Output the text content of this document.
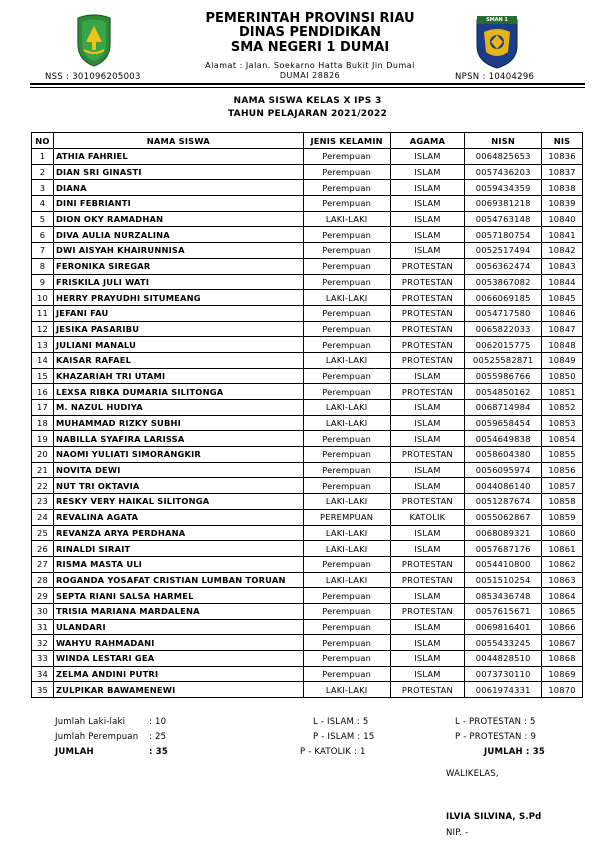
SMAN 1
PEMERINTAH PROVINSI RIAU
DINAS PENDIDIKAN
SMA NEGERI 1 DUMAI
Alamat : Jalan. Soekarno Hatta Bukit Jin Dumai
DUMAI 28826
NSS : 301096205003	NPSN : 10404296
NAMA SISWA KELAS X IPS 3
TAHUN PELAJARAN 2021/2022
NO	NAMA SISWA	JENIS KELAMIN	AGAMA	NISN	NIS
1	ATHIA FAHRIEL	Perempuan	ISLAM	0064825653	10836
2	DIAN SRI GINASTI	Perempuan	ISLAM	0057436203	10837
3	DIANA	Perempuan	ISLAM	0059434359	10838
4	DINI FEBRIANTI	Perempuan	ISLAM	0069381218	10839
5	DION OKY RAMADHAN	LAKI-LAKI	ISLAM	0054763148	10840
6	DIVA AULIA NURZALINA	Perempuan	ISLAM	0057180754	10841
7	DWI AISYAH KHAIRUNNISA	Perempuan	ISLAM	0052517494	10842
8	FERONIKA SIREGAR	Perempuan	PROTESTAN	0056362474	10843
9	FRISKILA JULI WATI	Perempuan	PROTESTAN	0053867082	10844
10	HERRY PRAYUDHI SITUMEANG	LAKI-LAKI	PROTESTAN	0066069185	10845
11	JEFANI FAU	Perempuan	PROTESTAN	0054717580	10846
12	JESIKA PASARIBU	Perempuan	PROTESTAN	0065822033	10847
13	JULIANI MANALU	Perempuan	PROTESTAN	0062015775	10848
14	KAISAR RAFAEL	LAKI-LAKI	PROTESTAN	00525582871	10849
15	KHAZARIAH TRI UTAMI	Perempuan	ISLAM	0055986766	10850
16	LEXSA RIBKA DUMARIA SILITONGA	Perempuan	PROTESTAN	0054850162	10851
17	M. NAZUL HUDIYA	LAKI-LAKI	ISLAM	0068714984	10852
18	MUHAMMAD RIZKY SUBHI	LAKI-LAKI	ISLAM	0059658454	10853
19	NABILLA SYAFIRA LARISSA	Perempuan	ISLAM	0054649838	10854
20	NAOMI YULIATI SIMORANGKIR	Perempuan	PROTESTAN	0058604380	10855
21	NOVITA DEWI	Perempuan	ISLAM	0056095974	10856
22	NUT TRI OKTAVIA	Perempuan	ISLAM	0044086140	10857
23	RESKY VERY HAIKAL SILITONGA	LAKI-LAKI	PROTESTAN	0051287674	10858
24	REVALINA AGATA	PEREMPUAN	KATOLIK	0055062867	10859
25	REVANZA ARYA PERDHANA	LAKI-LAKI	ISLAM	0068089321	10860
26	RINALDI SIRAIT	LAKI-LAKI	ISLAM	0057687176	10861
27	RISMA MASTA ULI	Perempuan	PROTESTAN	0054410800	10862
28	ROGANDA YOSAFAT CRISTIAN LUMBAN TORUAN	LAKI-LAKI	PROTESTAN	0051510254	10863
29	SEPTA RIANI SALSA HARMEL	Perempuan	ISLAM	0853436748	10864
30	TRISIA MARIANA MARDALENA	Perempuan	PROTESTAN	0057615671	10865
31	ULANDARI	Perempuan	ISLAM	0069816401	10866
32	WAHYU RAHMADANI	Perempuan	ISLAM	0055433245	10867
33	WINDA LESTARI GEA	Perempuan	ISLAM	0044828510	10868
34	ZELMA ANDINI PUTRI	Perempuan	ISLAM	0073730110	10869
35	ZULPIKAR BAWAMENEWI	LAKI-LAKI	PROTESTAN	0061974331	10870
Jumlah Laki-laki	: 10
Jumlah Perempuan : 25
JUMLAH	: 35
L - ISLAM : 5
P - ISLAM : 15
P - KATOLIK : 1
L - PROTESTAN : 5
P - PROTESTAN : 9
JUMLAH : 35
WALIKELAS,
ILVIA SILVINA, S.Pd
NIP. -
